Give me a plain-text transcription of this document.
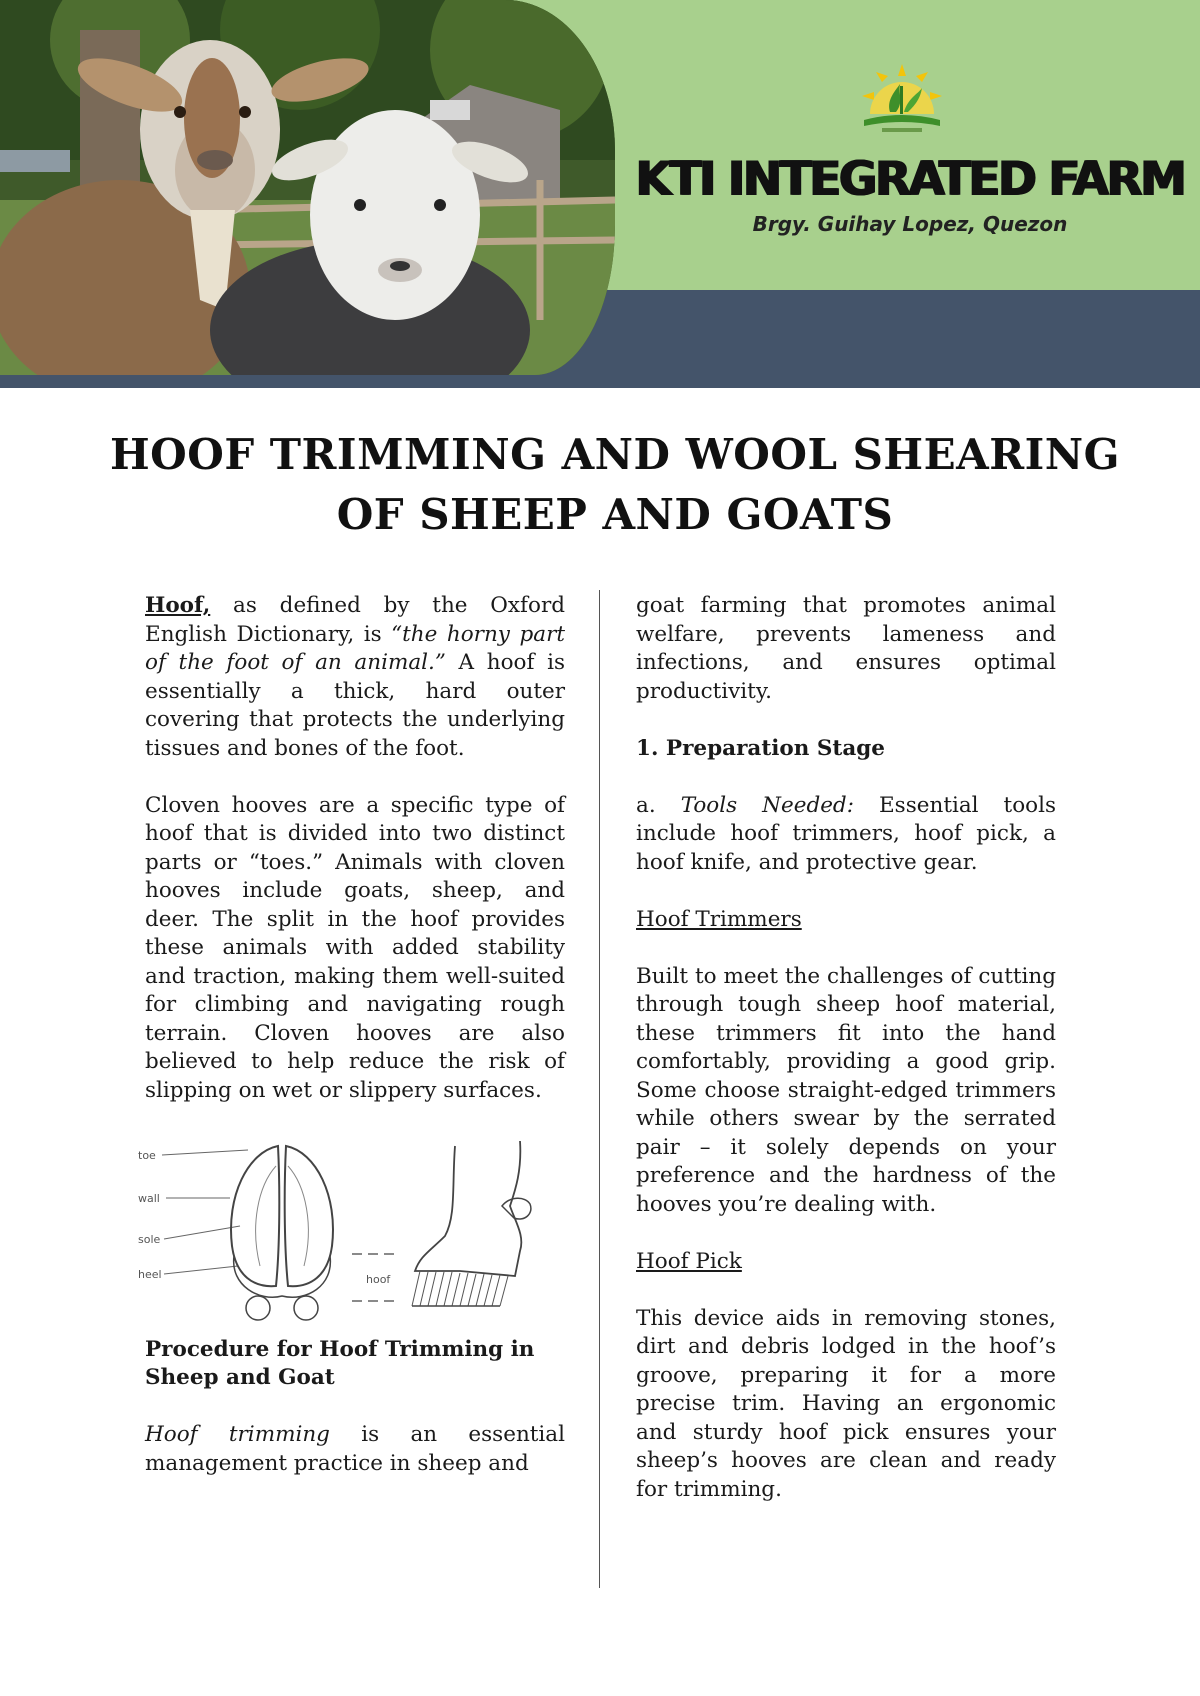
KTI INTEGRATED FARM
Brgy. Guihay Lopez, Quezon
HOOF TRIMMING AND WOOL SHEARING
OF SHEEP AND GOATS

Hoof, as defined by the Oxford English Dictionary, is “the horny part of the foot of an animal.” A hoof is essentially a thick, hard outer covering that protects the underlying tissues and bones of the foot.

Cloven hooves are a specific type of hoof that is divided into two distinct parts or “toes.” Animals with cloven hooves include goats, sheep, and deer. The split in the hoof provides these animals with added stability and traction, making them well-suited for climbing and navigating rough terrain. Cloven hooves are also believed to help reduce the risk of slipping on wet or slippery surfaces.

toe
wall
sole
heel	hoof

Procedure for Hoof Trimming in Sheep and Goat

Hoof trimming is an essential management practice in sheep and

goat farming that promotes animal welfare, prevents lameness and infections, and ensures optimal productivity.

1. Preparation Stage

a. Tools Needed: Essential tools include hoof trimmers, hoof pick, a hoof knife, and protective gear.

Hoof Trimmers

Built to meet the challenges of cutting through tough sheep hoof material, these trimmers fit into the hand comfortably, providing a good grip. Some choose straight-edged trimmers while others swear by the serrated pair – it solely depends on your preference and the hardness of the hooves you’re dealing with.

Hoof Pick

This device aids in removing stones, dirt and debris lodged in the hoof’s groove, preparing it for a more precise trim. Having an ergonomic and sturdy hoof pick ensures your sheep’s hooves are clean and ready for trimming.
